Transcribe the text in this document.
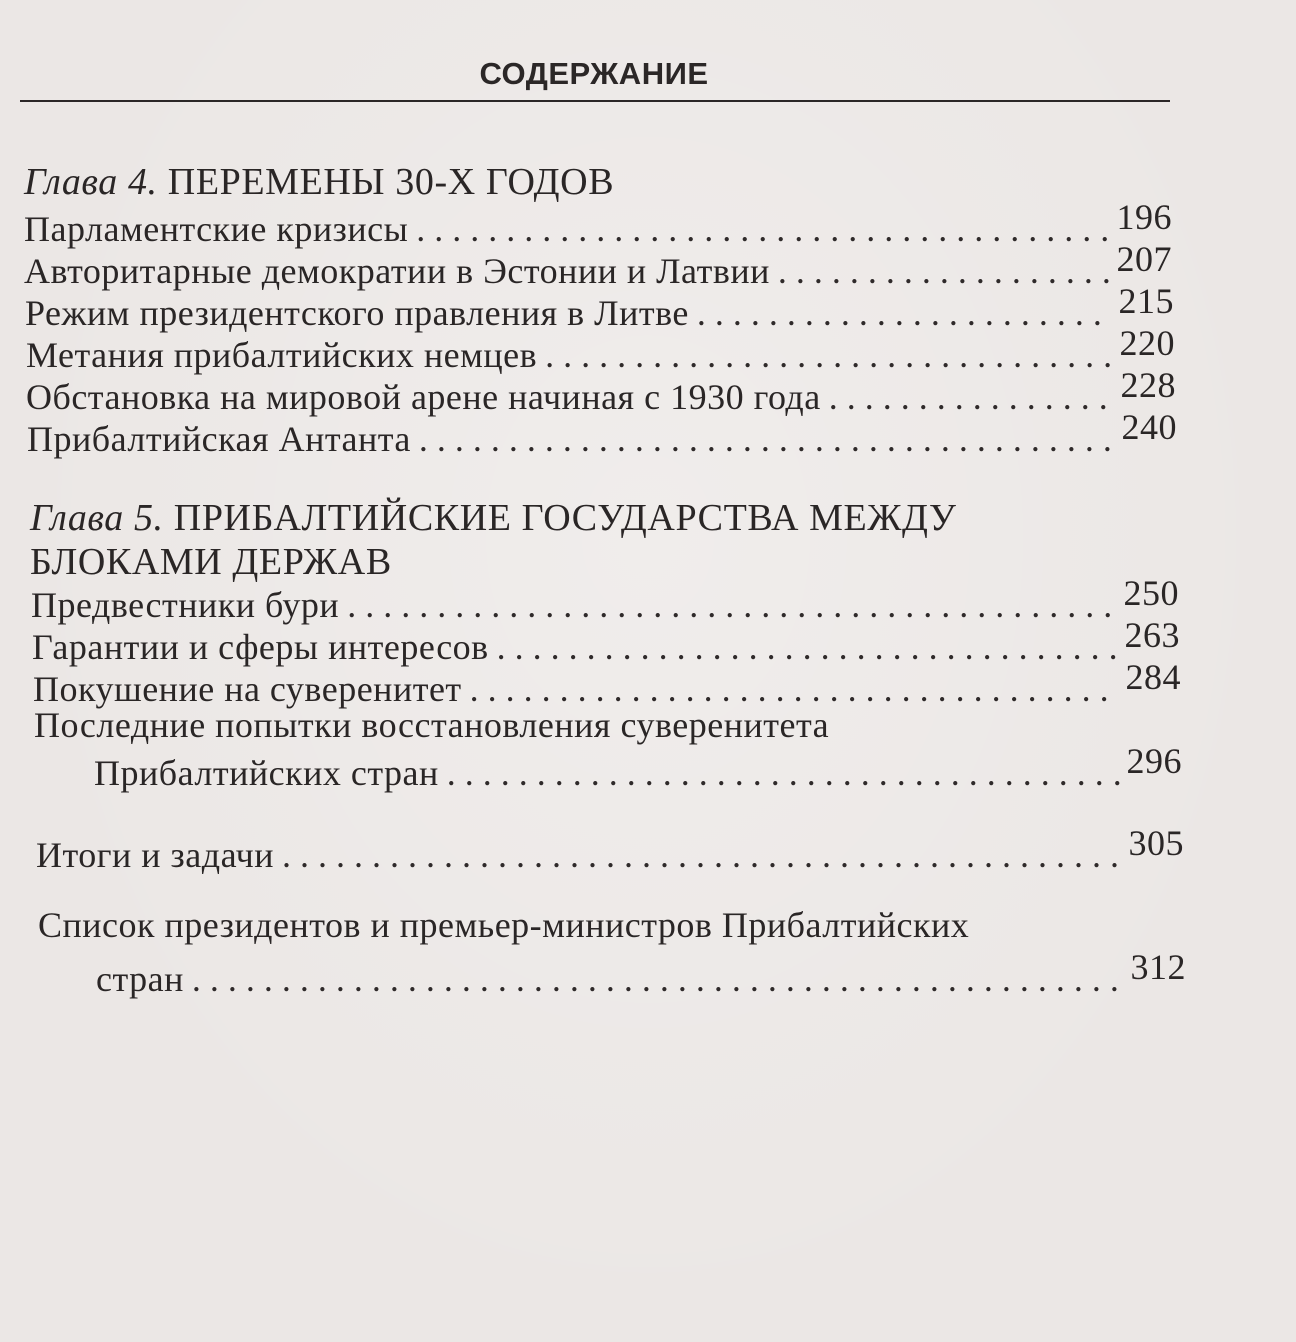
СОДЕРЖАНИЕ
Глава 4. ПЕРЕМЕНЫ 30-Х ГОДОВ
Парламентские кризисы . . .	196
Авторитарные демократии в Эстонии и Латвии . . .	207
Режим президентского правления в Литве . . .	215
Метания прибалтийских немцев . . .	220
Обстановка на мировой арене начиная с 1930 года . . .	228
Прибалтийская Антанта . . .	240
Глава 5. ПРИБАЛТИЙСКИЕ ГОСУДАРСТВА МЕЖДУ
БЛОКАМИ ДЕРЖАВ
Предвестники бури . . .	250
Гарантии и сферы интересов . . .	263
Покушение на суверенитет . . .	284
Последние попытки восстановления суверенитета
Прибалтийских стран . . .	296
Итоги и задачи . . .	305
Список президентов и премьер-министров Прибалтийских
стран . . .	312
